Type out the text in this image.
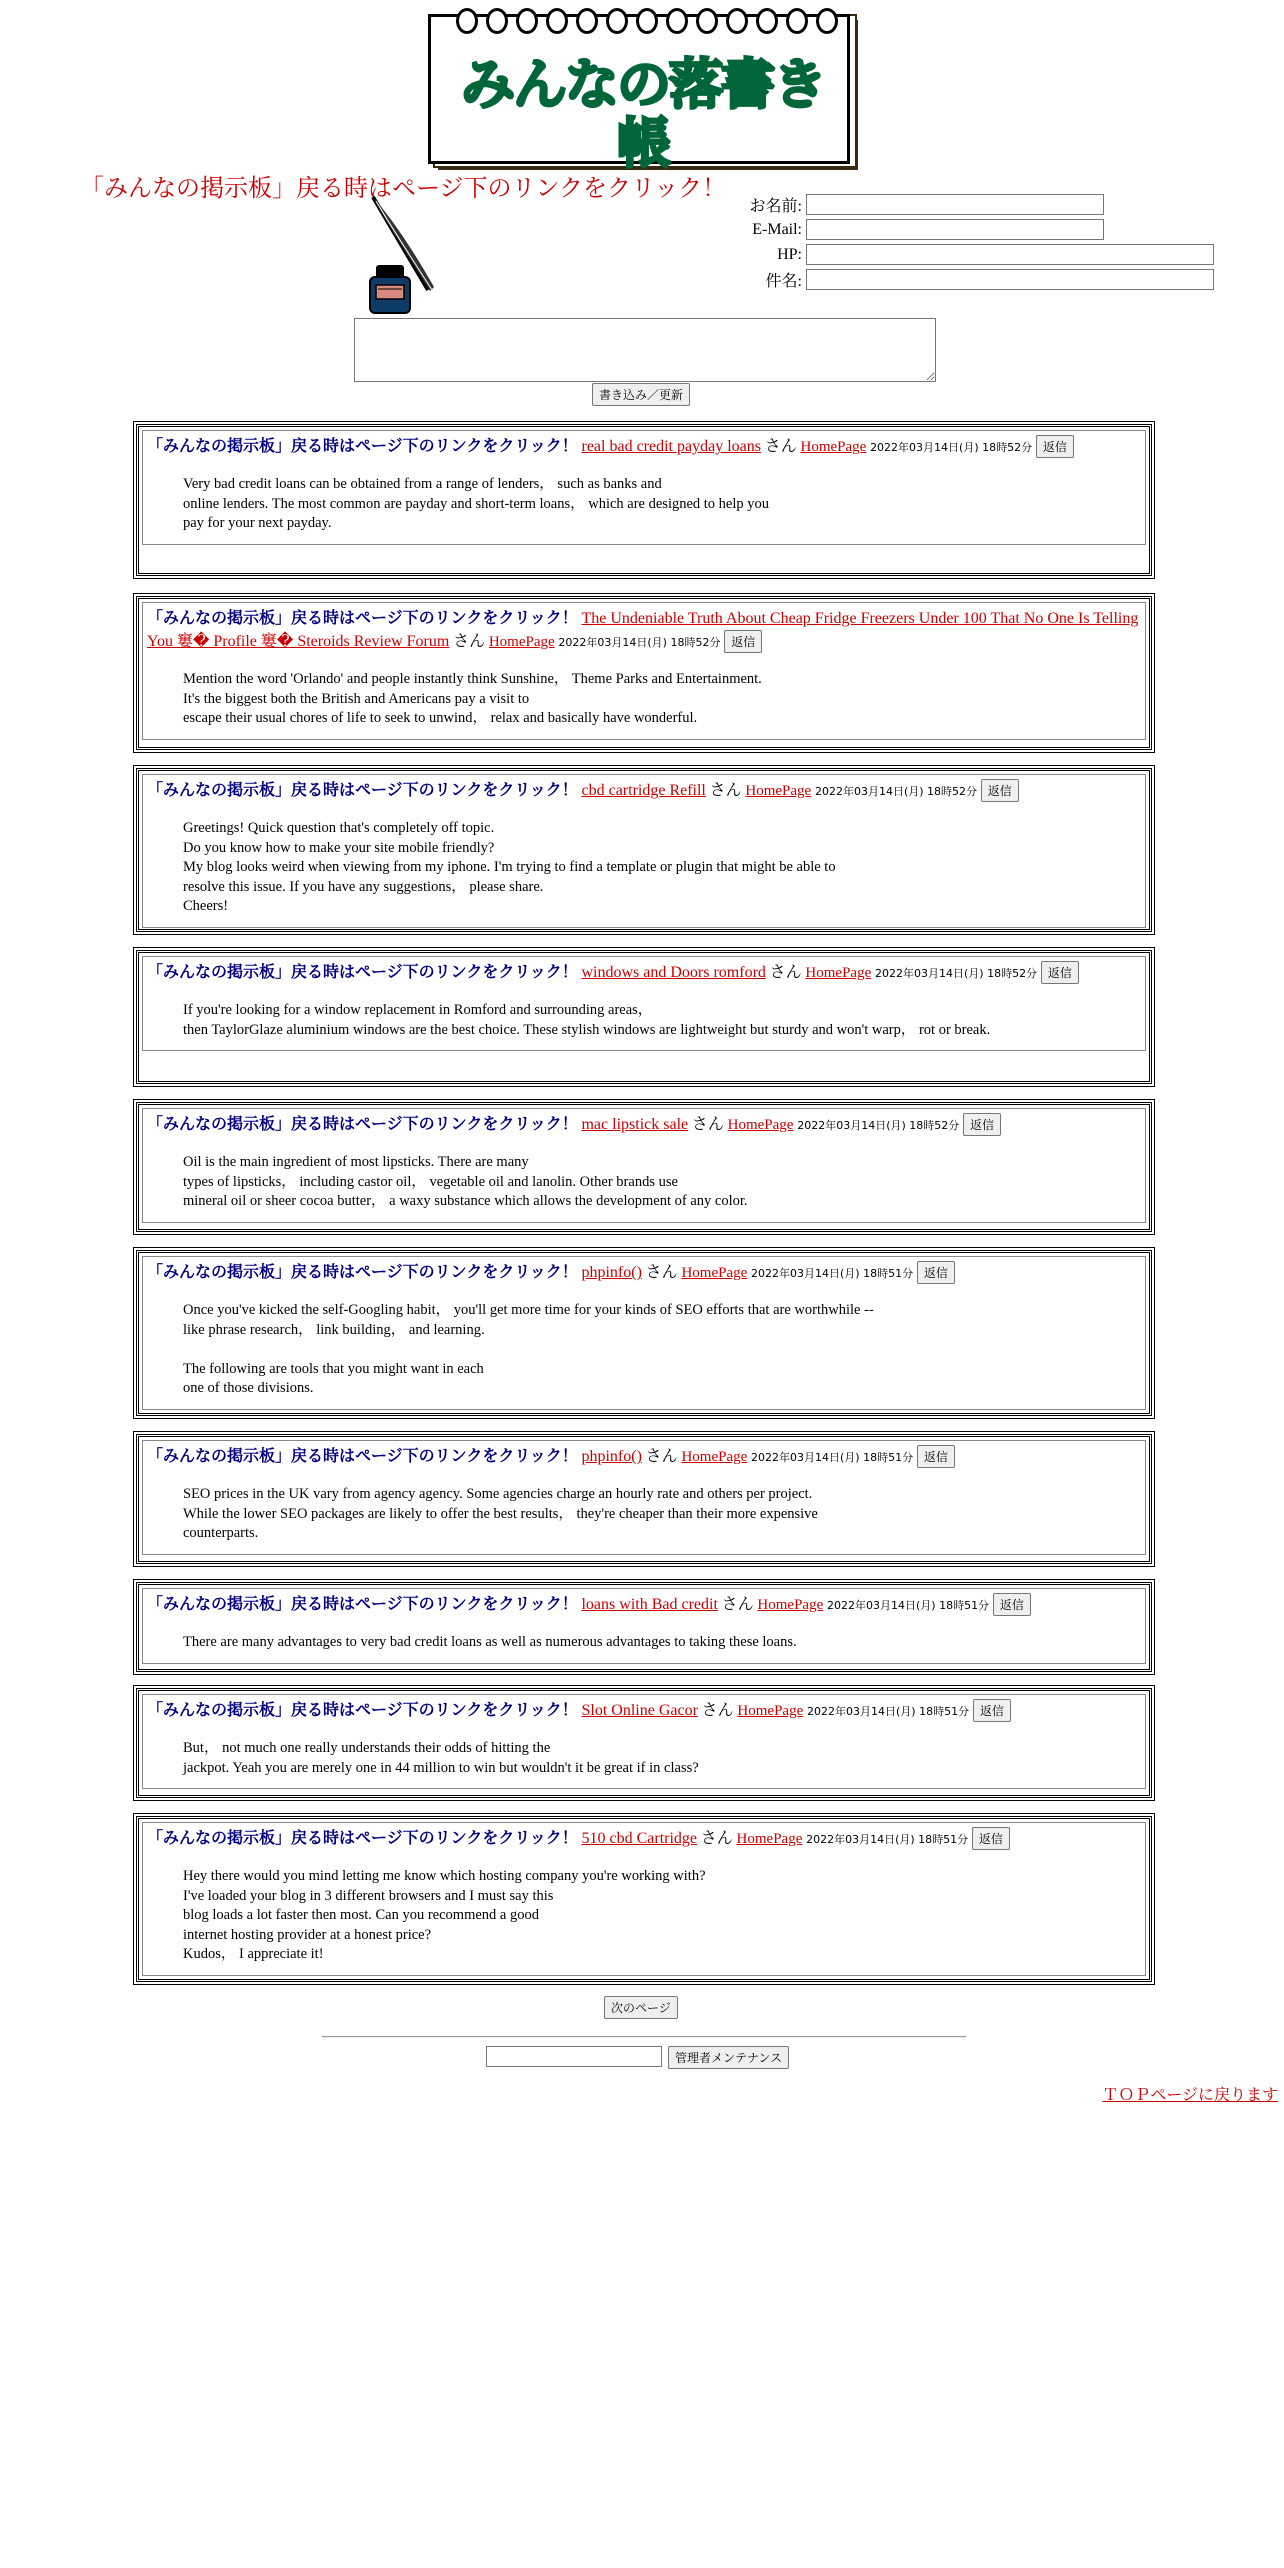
みんなの落書き帳
「みんなの掲示板」戻る時はページ下のリンクをクリック！
お名前:
E-Mail:
HP:
件名:
書き込み／更新
「みんなの掲示板」戻る時はページ下のリンクをクリック！ real bad credit payday loans さん HomePage 2022年03月14日(月) 18時52分 返信
Very bad credit loans can be obtained from a range of lenders， such as banks and
online lenders. The most common are payday and short-term loans， which are designed to help you
pay for your next payday.
「みんなの掲示板」戻る時はページ下のリンクをクリック！ The Undeniable Truth About Cheap Fridge Freezers Under 100 That No One Is Telling You 窶� Profile 窶� Steroids Review Forum さん HomePage 2022年03月14日(月) 18時52分 返信
Mention the word 'Orlando' and people instantly think Sunshine， Theme Parks and Entertainment.
It's the biggest both the British and Americans pay a visit to
escape their usual chores of life to seek to unwind， relax and basically have wonderful.
「みんなの掲示板」戻る時はページ下のリンクをクリック！ cbd cartridge Refill さん HomePage 2022年03月14日(月) 18時52分 返信
Greetings! Quick question that's completely off topic.
Do you know how to make your site mobile friendly?
My blog looks weird when viewing from my iphone. I'm trying to find a template or plugin that might be able to
resolve this issue. If you have any suggestions， please share.
Cheers!
「みんなの掲示板」戻る時はページ下のリンクをクリック！ windows and Doors romford さん HomePage 2022年03月14日(月) 18時52分 返信
If you're looking for a window replacement in Romford and surrounding areas，
then TaylorGlaze aluminium windows are the best choice. These stylish windows are lightweight but sturdy and won't warp， rot or break.
「みんなの掲示板」戻る時はページ下のリンクをクリック！ mac lipstick sale さん HomePage 2022年03月14日(月) 18時52分 返信
Oil is the main ingredient of most lipsticks. There are many
types of lipsticks， including castor oil， vegetable oil and lanolin. Other brands use
mineral oil or sheer cocoa butter， a waxy substance which allows the development of any color.
「みんなの掲示板」戻る時はページ下のリンクをクリック！ phpinfo() さん HomePage 2022年03月14日(月) 18時51分 返信
Once you've kicked the self-Googling habit， you'll get more time for your kinds of SEO efforts that are worthwhile --
like phrase research， link building， and learning.

The following are tools that you might want in each
one of those divisions.
「みんなの掲示板」戻る時はページ下のリンクをクリック！ phpinfo() さん HomePage 2022年03月14日(月) 18時51分 返信
SEO prices in the UK vary from agency agency. Some agencies charge an hourly rate and others per project.
While the lower SEO packages are likely to offer the best results， they're cheaper than their more expensive
counterparts.
「みんなの掲示板」戻る時はページ下のリンクをクリック！ loans with Bad credit さん HomePage 2022年03月14日(月) 18時51分 返信
There are many advantages to very bad credit loans as well as numerous advantages to taking these loans.
「みんなの掲示板」戻る時はページ下のリンクをクリック！ Slot Online Gacor さん HomePage 2022年03月14日(月) 18時51分 返信
But， not much one really understands their odds of hitting the
jackpot. Yeah you are merely one in 44 million to win but wouldn't it be great if in class?
「みんなの掲示板」戻る時はページ下のリンクをクリック！ 510 cbd Cartridge さん HomePage 2022年03月14日(月) 18時51分 返信
Hey there would you mind letting me know which hosting company you're working with?
I've loaded your blog in 3 different browsers and I must say this
blog loads a lot faster then most. Can you recommend a good
internet hosting provider at a honest price?
Kudos， I appreciate it!
次のページ
管理者メンテナンス
ＴＯＰページに戻ります
